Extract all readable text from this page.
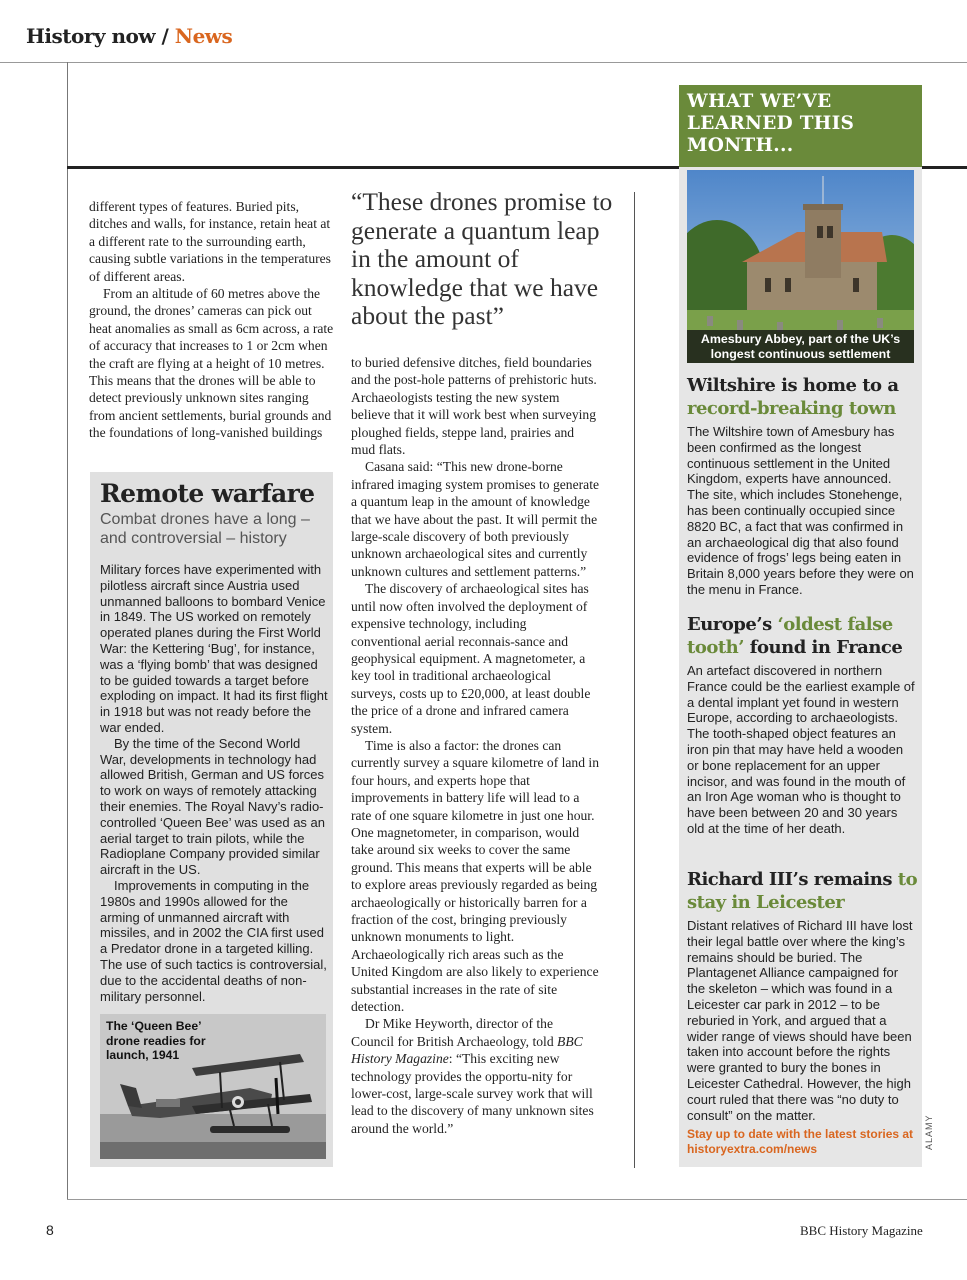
History now / News

different types of features. Buried pits, ditches and walls, for instance, retain heat at a different rate to the surrounding earth, causing subtle variations in the temperatures of different areas.

From an altitude of 60 metres above the ground, the drones’ cameras can pick out heat anomalies as small as 6cm across, a rate of accuracy that increases to 1 or 2cm when the craft are flying at a height of 10 metres. This means that the drones will be able to detect previously unknown sites ranging from ancient settlements, burial grounds and the foundations of long-vanished buildings

“These drones promise to generate a quantum leap in the amount of knowledge that we have about the past”

to buried defensive ditches, field boundaries and the post-hole patterns of prehistoric huts. Archaeologists testing the new system believe that it will work best when surveying ploughed fields, steppe land, prairies and mud flats.

Casana said: “This new drone-borne infrared imaging system promises to generate a quantum leap in the amount of knowledge that we have about the past. It will permit the large-scale discovery of both previously unknown archaeological sites and currently unknown cultures and settlement patterns.”

The discovery of archaeological sites has until now often involved the deployment of expensive technology, including conventional aerial reconnais-sance and geophysical equipment. A magnetometer, a key tool in traditional archaeological surveys, costs up to £20,000, at least double the price of a drone and infrared camera system.

Time is also a factor: the drones can currently survey a square kilometre of land in four hours, and experts hope that improvements in battery life will lead to a rate of one square kilometre in just one hour. One magnetometer, in comparison, would take around six weeks to cover the same ground. This means that experts will be able to explore areas previously regarded as being archaeologically or historically barren for a fraction of the cost, bringing previously unknown monuments to light. Archaeologically rich areas such as the United Kingdom are also likely to experience substantial increases in the rate of site detection.

Dr Mike Heyworth, director of the Council for British Archaeology, told BBC History Magazine: “This exciting new technology provides the opportu-nity for lower-cost, large-scale survey work that will lead to the discovery of many unknown sites around the world.”

Remote warfare
Combat drones have a long – and controversial – history

Military forces have experimented with pilotless aircraft since Austria used unmanned balloons to bombard Venice in 1849. The US worked on remotely operated planes during the First World War: the Kettering ‘Bug’, for instance, was a ‘flying bomb’ that was designed to be guided towards a target before exploding on impact. It had its first flight in 1918 but was not ready before the war ended.

By the time of the Second World War, developments in technology had allowed British, German and US forces to work on ways of remotely attacking their enemies. The Royal Navy’s radio-controlled ‘Queen Bee’ was used as an aerial target to train pilots, while the Radioplane Company provided similar aircraft in the US.

Improvements in computing in the 1980s and 1990s allowed for the arming of unmanned aircraft with missiles, and in 2002 the CIA first used a Predator drone in a targeted killing. The use of such tactics is controversial, due to the accidental deaths of non-military personnel.

The ‘Queen Bee’ drone readies for launch, 1941
WHAT WE’VE LEARNED THIS MONTH...
Amesbury Abbey, part of the UK’s longest continuous settlement
Wiltshire is home to a record-breaking town
The Wiltshire town of Amesbury has been confirmed as the longest continuous settlement in the United Kingdom, experts have announced. The site, which includes Stonehenge, has been continually occupied since 8820 BC, a fact that was confirmed in an archaeological dig that also found evidence of frogs’ legs being eaten in Britain 8,000 years before they were on the menu in France.
Europe’s ‘oldest false tooth’ found in France
An artefact discovered in northern France could be the earliest example of a dental implant yet found in western Europe, according to archaeologists. The tooth-shaped object features an iron pin that may have held a wooden or bone replacement for an upper incisor, and was found in the mouth of an Iron Age woman who is thought to have been between 20 and 30 years old at the time of her death.
Richard III’s remains to stay in Leicester
Distant relatives of Richard III have lost their legal battle over where the king’s remains should be buried. The Plantagenet Alliance campaigned for the skeleton – which was found in a Leicester car park in 2012 – to be reburied in York, and argued that a wider range of views should have been taken into account before the rights were granted to bury the bones in Leicester Cathedral. However, the high court ruled that there was “no duty to consult” on the matter.
Stay up to date with the latest stories at historyextra.com/news	ALAMY
8	BBC History Magazine
